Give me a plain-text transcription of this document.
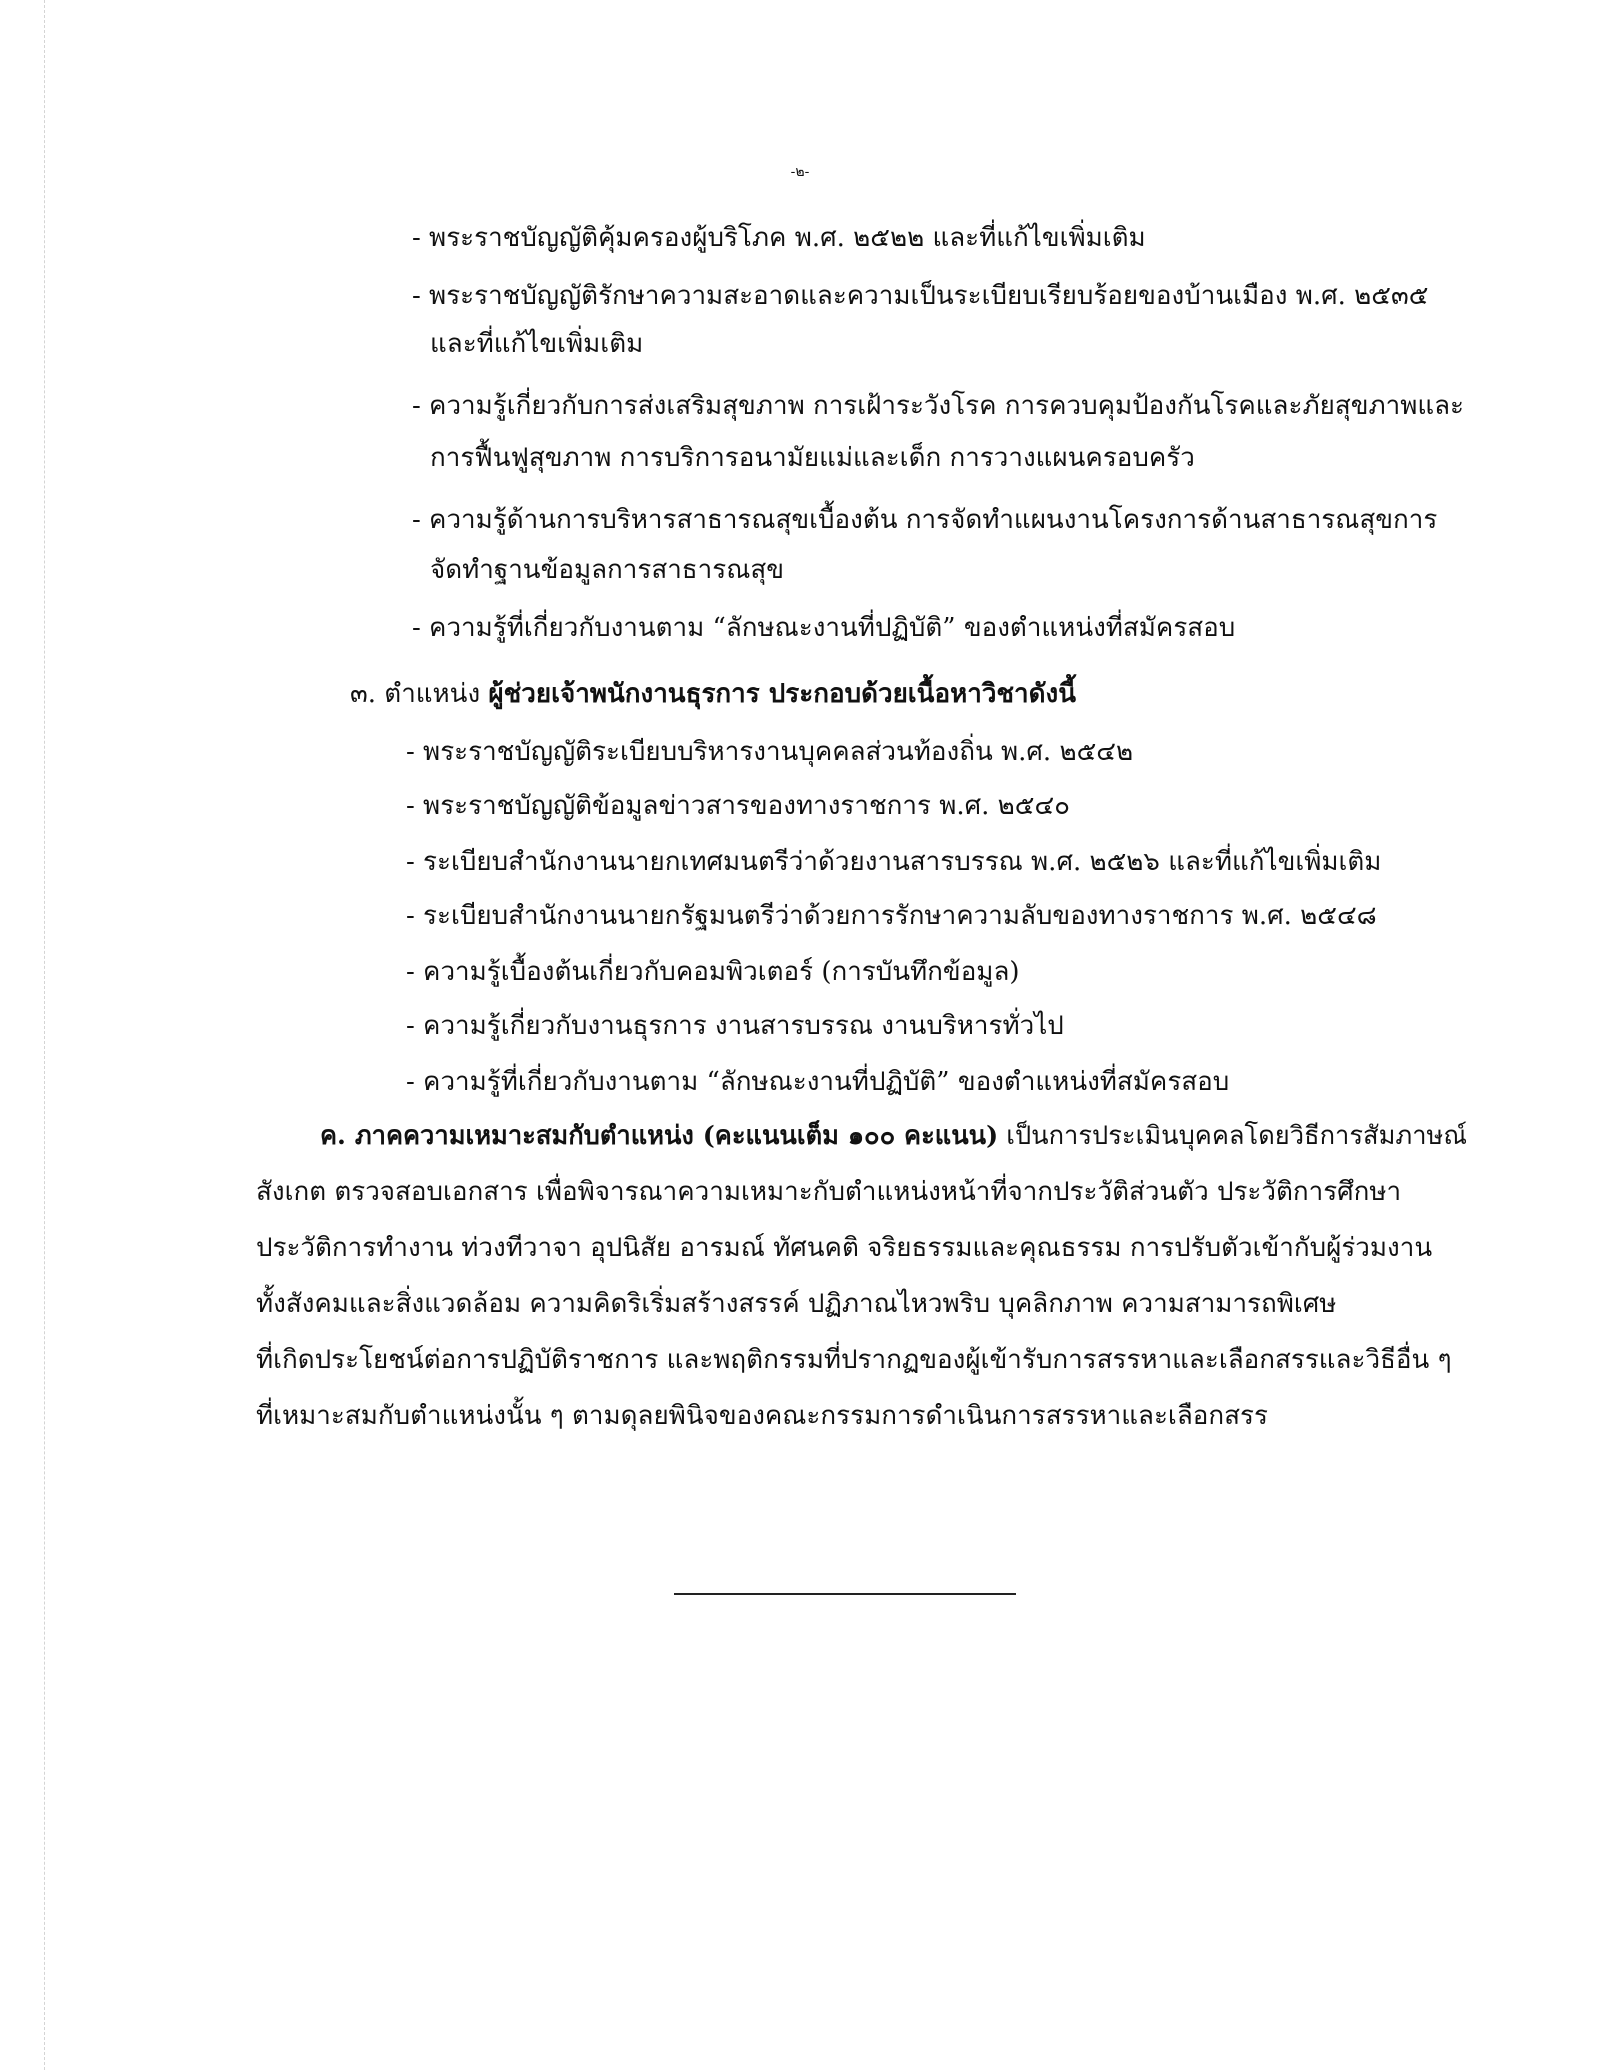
-๒-
- พระราชบัญญัติคุ้มครองผู้บริโภค พ.ศ. ๒๕๒๒ และที่แก้ไขเพิ่มเติม
- พระราชบัญญัติรักษาความสะอาดและความเป็นระเบียบเรียบร้อยของบ้านเมือง พ.ศ. ๒๕๓๕
และที่แก้ไขเพิ่มเติม
- ความรู้เกี่ยวกับการส่งเสริมสุขภาพ การเฝ้าระวังโรค การควบคุมป้องกันโรคและภัยสุขภาพและ
การฟื้นฟูสุขภาพ การบริการอนามัยแม่และเด็ก การวางแผนครอบครัว
- ความรู้ด้านการบริหารสาธารณสุขเบื้องต้น การจัดทำแผนงานโครงการด้านสาธารณสุขการ
จัดทำฐานข้อมูลการสาธารณสุข
- ความรู้ที่เกี่ยวกับงานตาม “ลักษณะงานที่ปฏิบัติ” ของตำแหน่งที่สมัครสอบ
๓. ตำแหน่ง ผู้ช่วยเจ้าพนักงานธุรการ ประกอบด้วยเนื้อหาวิชาดังนี้
- พระราชบัญญัติระเบียบบริหารงานบุคคลส่วนท้องถิ่น พ.ศ. ๒๕๔๒
- พระราชบัญญัติข้อมูลข่าวสารของทางราชการ พ.ศ. ๒๕๔๐
- ระเบียบสำนักงานนายกเทศมนตรีว่าด้วยงานสารบรรณ พ.ศ. ๒๕๒๖ และที่แก้ไขเพิ่มเติม
- ระเบียบสำนักงานนายกรัฐมนตรีว่าด้วยการรักษาความลับของทางราชการ พ.ศ. ๒๕๔๘
- ความรู้เบื้องต้นเกี่ยวกับคอมพิวเตอร์ (การบันทึกข้อมูล)
- ความรู้เกี่ยวกับงานธุรการ งานสารบรรณ งานบริหารทั่วไป
- ความรู้ที่เกี่ยวกับงานตาม “ลักษณะงานที่ปฏิบัติ” ของตำแหน่งที่สมัครสอบ
ค. ภาคความเหมาะสมกับตำแหน่ง (คะแนนเต็ม ๑๐๐ คะแนน) เป็นการประเมินบุคคลโดยวิธีการสัมภาษณ์
สังเกต ตรวจสอบเอกสาร เพื่อพิจารณาความเหมาะกับตำแหน่งหน้าที่จากประวัติส่วนตัว ประวัติการศึกษา
ประวัติการทำงาน ท่วงทีวาจา อุปนิสัย อารมณ์ ทัศนคติ จริยธรรมและคุณธรรม การปรับตัวเข้ากับผู้ร่วมงาน
ทั้งสังคมและสิ่งแวดล้อม ความคิดริเริ่มสร้างสรรค์ ปฏิภาณไหวพริบ บุคลิกภาพ ความสามารถพิเศษ
ที่เกิดประโยชน์ต่อการปฏิบัติราชการ และพฤติกรรมที่ปรากฏของผู้เข้ารับการสรรหาและเลือกสรรและวิธีอื่น ๆ
ที่เหมาะสมกับตำแหน่งนั้น ๆ ตามดุลยพินิจของคณะกรรมการดำเนินการสรรหาและเลือกสรร
